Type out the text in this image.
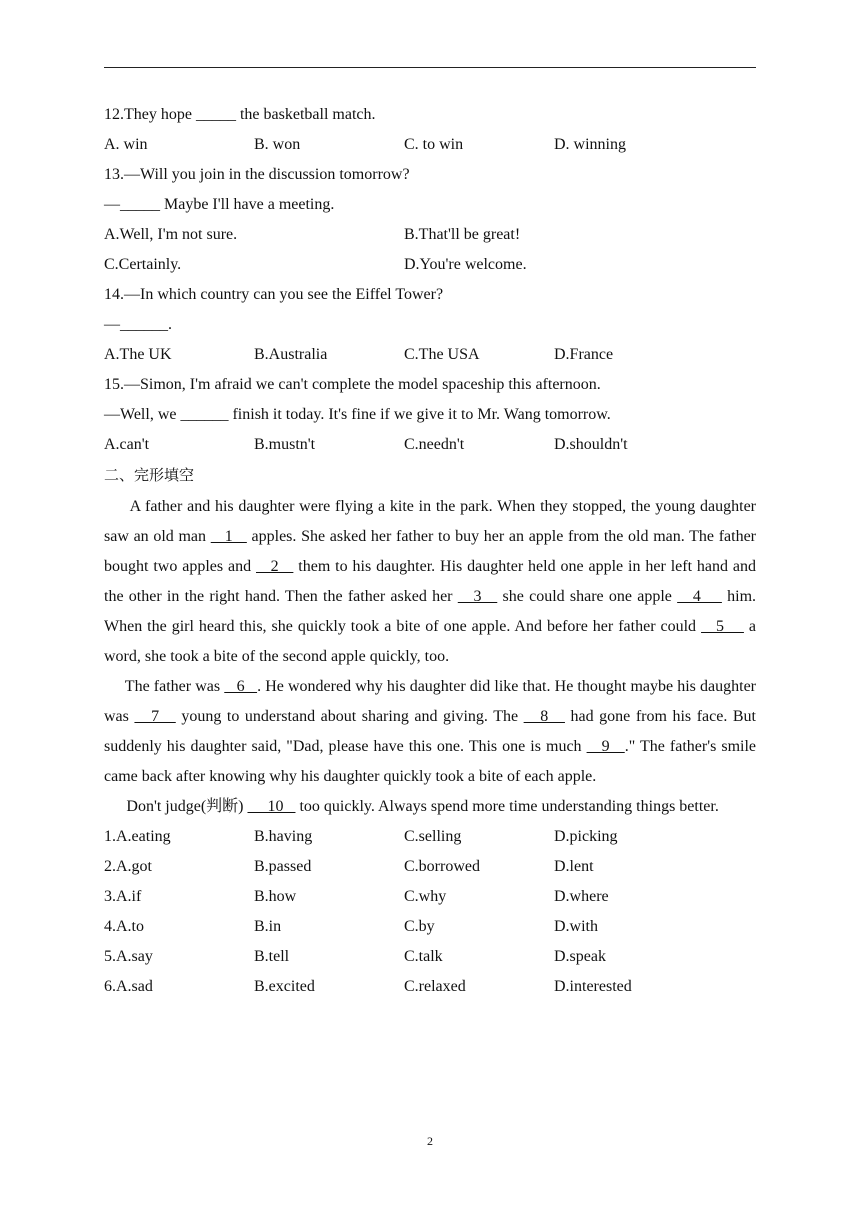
12.They hope _____ the basketball match.
A. win	B. won	C. to win	D. winning
13.—Will you join in the discussion tomorrow?
—_____ Maybe I'll have a meeting.
A.Well, I'm not sure.	B.That'll be great!
C.Certainly.	D.You're welcome.
14.—In which country can you see the Eiffel Tower?
—______.
A.The UK	B.Australia	C.The USA	D.France
15.—Simon, I'm afraid we can't complete the model spaceship this afternoon.
—Well, we ______ finish it today. It's fine if we give it to Mr. Wang tomorrow.
A.can't	B.mustn't	C.needn't	D.shouldn't
二、完形填空

A father and his daughter were flying a kite in the park. When they stopped, the young daughter saw an old man    1    apples. She asked her father to buy her an apple from the old man. The father bought two apples and    2    them to his daughter. His daughter held one apple in her left hand and the other in the right hand. Then the father asked her    3    she could share one apple    4     him. When the girl heard this, she quickly took a bite of one apple. And before her father could    5     a word, she took a bite of the second apple quickly, too.

The father was    6   . He wondered why his daughter did like that. He thought maybe his daughter was    7    young to understand about sharing and giving. The    8    had gone from his face. But suddenly his daughter said, "Dad, please have this one. This one is much    9   ." The father's smile came back after knowing why his daughter quickly took a bite of each apple.

Don't judge(判断)      10    too quickly. Always spend more time understanding things better.

1.A.eating	B.having	C.selling	D.picking
2.A.got	B.passed	C.borrowed	D.lent
3.A.if	B.how	C.why	D.where
4.A.to	B.in	C.by	D.with
5.A.say	B.tell	C.talk	D.speak
6.A.sad	B.excited	C.relaxed	D.interested
2
